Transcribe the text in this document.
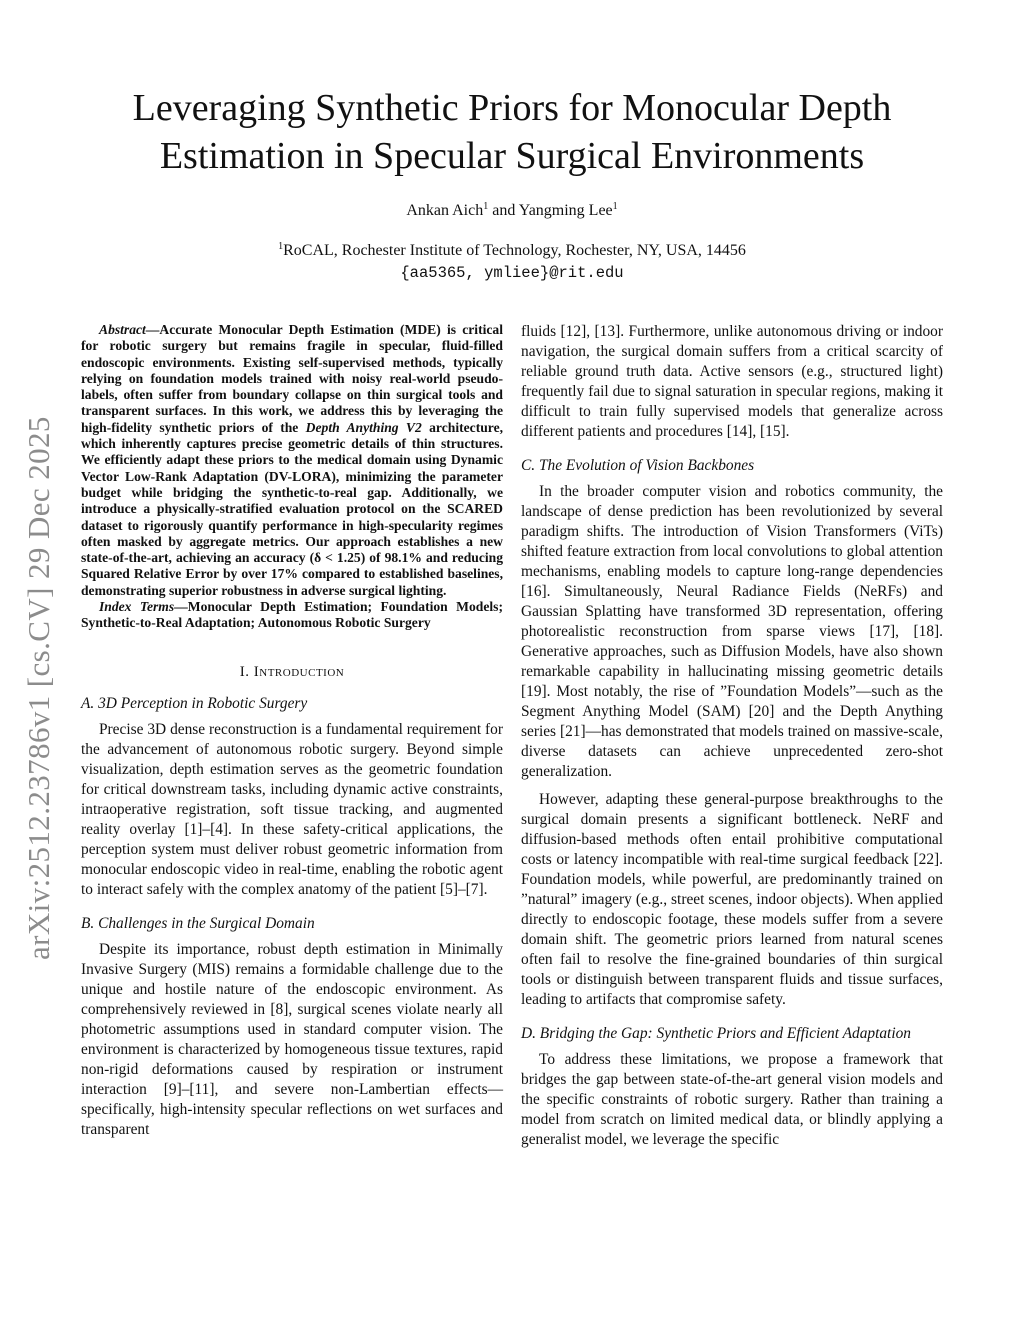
Leveraging Synthetic Priors for Monocular Depth Estimation in Specular Surgical Environments
Ankan Aich$^1$ and Yangming Lee$^1$
$^1$RoCAL, Rochester Institute of Technology, Rochester, NY, USA, 14456
{aa5365, ymliee}@rit.edu
arXiv:2512.23786v1 [cs.CV] 29 Dec 2025

Abstract—Accurate Monocular Depth Estimation (MDE) is critical for robotic surgery but remains fragile in specular, fluid-filled endoscopic environments. Existing self-supervised methods, typically relying on foundation models trained with noisy real-world pseudo-labels, often suffer from boundary collapse on thin surgical tools and transparent surfaces. In this work, we address this by leveraging the high-fidelity synthetic priors of the Depth Anything V2 architecture, which inherently captures precise geometric details of thin structures. We efficiently adapt these priors to the medical domain using Dynamic Vector Low-Rank Adaptation (DV-LORA), minimizing the parameter budget while bridging the synthetic-to-real gap. Additionally, we introduce a physically-stratified evaluation protocol on the SCARED dataset to rigorously quantify performance in high-specularity regimes often masked by aggregate metrics. Our approach establishes a new state-of-the-art, achieving an accuracy (δ < 1.25) of 98.1% and reducing Squared Relative Error by over 17% compared to established baselines, demonstrating superior robustness in adverse surgical lighting.

Index Terms—Monocular Depth Estimation; Foundation Models; Synthetic-to-Real Adaptation; Autonomous Robotic Surgery

I. Introduction
A. 3D Perception in Robotic Surgery

Precise 3D dense reconstruction is a fundamental requirement for the advancement of autonomous robotic surgery. Beyond simple visualization, depth estimation serves as the geometric foundation for critical downstream tasks, including dynamic active constraints, intraoperative registration, soft tissue tracking, and augmented reality overlay [1]–[4]. In these safety-critical applications, the perception system must deliver robust geometric information from monocular endoscopic video in real-time, enabling the robotic agent to interact safely with the complex anatomy of the patient [5]–[7].

B. Challenges in the Surgical Domain

Despite its importance, robust depth estimation in Minimally Invasive Surgery (MIS) remains a formidable challenge due to the unique and hostile nature of the endoscopic environment. As comprehensively reviewed in [8], surgical scenes violate nearly all photometric assumptions used in standard computer vision. The environment is characterized by homogeneous tissue textures, rapid non-rigid deformations caused by respiration or instrument interaction [9]–[11], and severe non-Lambertian effects—specifically, high-intensity specular reflections on wet surfaces and transparent

fluids [12], [13]. Furthermore, unlike autonomous driving or indoor navigation, the surgical domain suffers from a critical scarcity of reliable ground truth data. Active sensors (e.g., structured light) frequently fail due to signal saturation in specular regions, making it difficult to train fully supervised models that generalize across different patients and procedures [14], [15].

C. The Evolution of Vision Backbones

In the broader computer vision and robotics community, the landscape of dense prediction has been revolutionized by several paradigm shifts. The introduction of Vision Transformers (ViTs) shifted feature extraction from local convolutions to global attention mechanisms, enabling models to capture long-range dependencies [16]. Simultaneously, Neural Radiance Fields (NeRFs) and Gaussian Splatting have transformed 3D representation, offering photorealistic reconstruction from sparse views [17], [18]. Generative approaches, such as Diffusion Models, have also shown remarkable capability in hallucinating missing geometric details [19]. Most notably, the rise of ”Foundation Models”—such as the Segment Anything Model (SAM) [20] and the Depth Anything series [21]—has demonstrated that models trained on massive-scale, diverse datasets can achieve unprecedented zero-shot generalization.

However, adapting these general-purpose breakthroughs to the surgical domain presents a significant bottleneck. NeRF and diffusion-based methods often entail prohibitive computational costs or latency incompatible with real-time surgical feedback [22]. Foundation models, while powerful, are predominantly trained on ”natural” imagery (e.g., street scenes, indoor objects). When applied directly to endoscopic footage, these models suffer from a severe domain shift. The geometric priors learned from natural scenes often fail to resolve the fine-grained boundaries of thin surgical tools or distinguish between transparent fluids and tissue surfaces, leading to artifacts that compromise safety.

D. Bridging the Gap: Synthetic Priors and Efficient Adaptation

To address these limitations, we propose a framework that bridges the gap between state-of-the-art general vision models and the specific constraints of robotic surgery. Rather than training a model from scratch on limited medical data, or blindly applying a generalist model, we leverage the specific
